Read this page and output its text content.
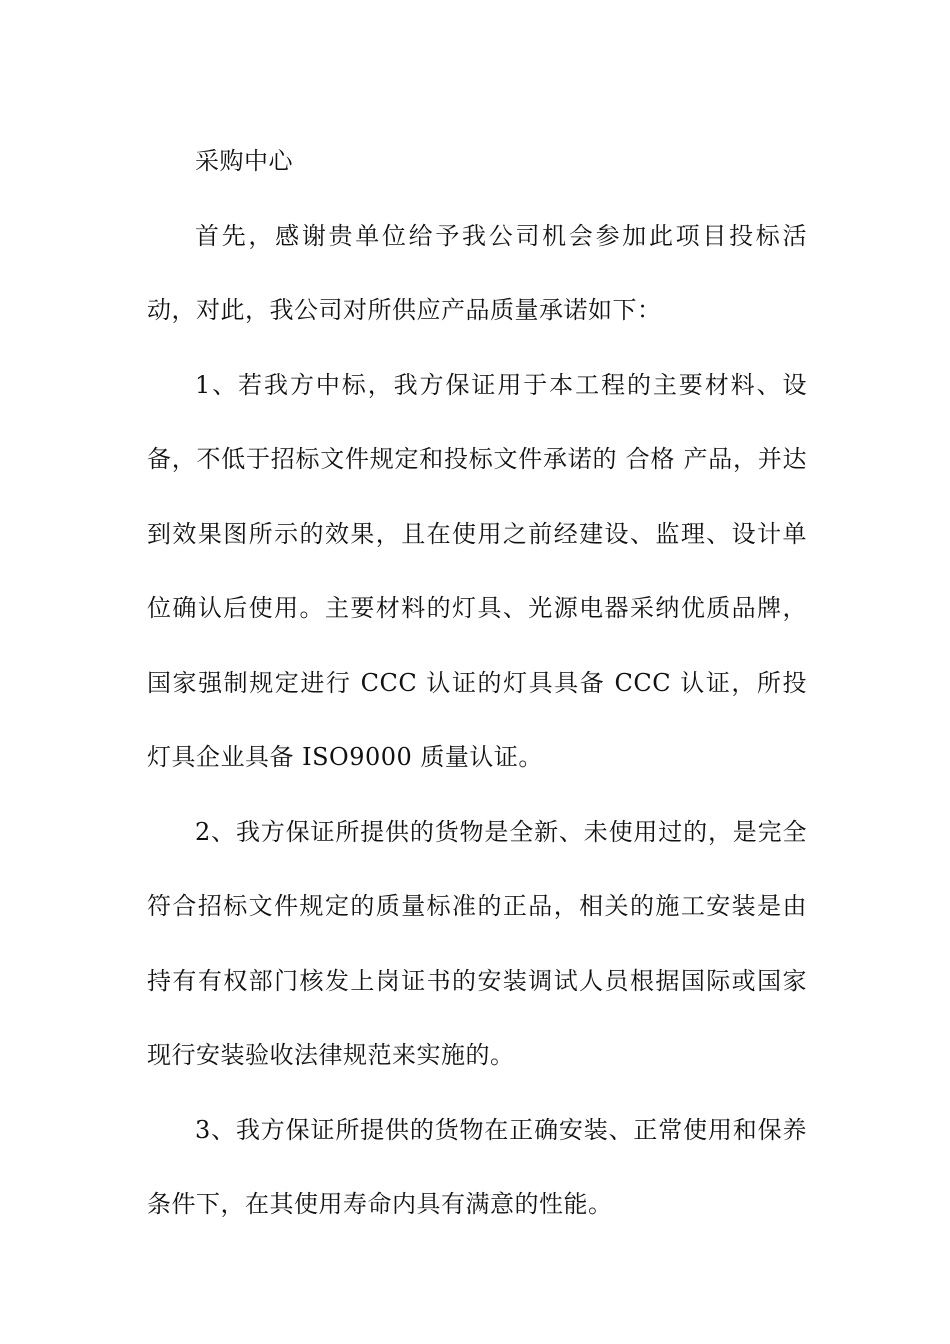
采购中心

首先，感谢贵单位给予我公司机会参加此项目投标活动，对此，我公司对所供应产品质量承诺如下：

1、若我方中标，我方保证用于本工程的主要材料、设备，不低于招标文件规定和投标文件承诺的 合格 产品，并达到效果图所示的效果，且在使用之前经建设、监理、设计单位确认后使用。主要材料的灯具、光源电器采纳优质品牌，国家强制规定进行 CCC 认证的灯具具备 CCC 认证，所投灯具企业具备 ISO9000 质量认证。

2、我方保证所提供的货物是全新、未使用过的，是完全符合招标文件规定的质量标准的正品，相关的施工安装是由持有有权部门核发上岗证书的安装调试人员根据国际或国家现行安装验收法律规范来实施的。

3、我方保证所提供的货物在正确安装、正常使用和保养条件下，在其使用寿命内具有满意的性能。
